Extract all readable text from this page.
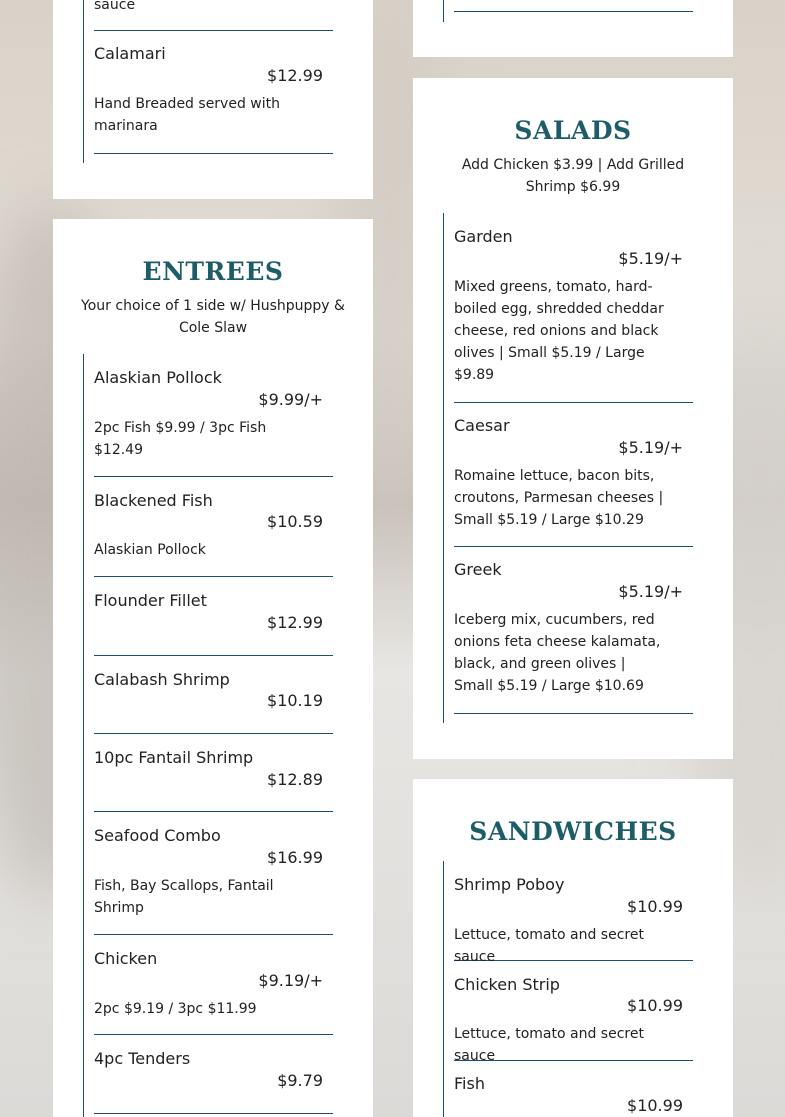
sauce
Calamari
$12.99
Hand Breaded served with marinara
ENTREES
Your choice of 1 side w/ Hushpuppy & Cole Slaw
Alaskian Pollock
$9.99/+
2pc Fish $9.99 / 3pc Fish $12.49
Blackened Fish
$10.59
Alaskian Pollock
Flounder Fillet
$12.99
Calabash Shrimp
$10.19
10pc Fantail Shrimp
$12.89
Seafood Combo
$16.99
Fish, Bay Scallops, Fantail Shrimp
Chicken
$9.19/+
2pc $9.19 / 3pc $11.99
4pc Tenders
$9.79
SALADS
Add Chicken $3.99 | Add Grilled Shrimp $6.99
Garden
$5.19/+
Mixed greens, tomato, hard-boiled egg, shredded cheddar cheese, red onions and black olives | Small $5.19 / Large $9.89
Caesar
$5.19/+
Romaine lettuce, bacon bits, croutons, Parmesan cheeses | Small $5.19 / Large $10.29
Greek
$5.19/+
Iceberg mix, cucumbers, red onions feta cheese kalamata, black, and green olives | Small $5.19 / Large $10.69
SANDWICHES
Shrimp Poboy
$10.99
Lettuce, tomato and secret sauce
Chicken Strip
$10.99
Lettuce, tomato and secret sauce
Fish
$10.99
